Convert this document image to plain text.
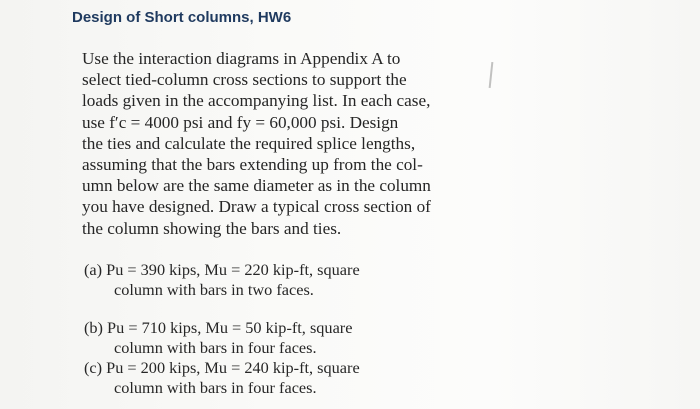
Design of Short columns, HW6
Use the interaction diagrams in Appendix A to
select tied-column cross sections to support the
loads given in the accompanying list. In each case,
use f′c = 4000 psi and fy = 60,000 psi. Design
the ties and calculate the required splice lengths,
assuming that the bars extending up from the col-
umn below are the same diameter as in the column
you have designed. Draw a typical cross section of
the column showing the bars and ties.
(a) Pu = 390 kips, Mu = 220 kip-ft, square
column with bars in two faces.
(b) Pu = 710 kips, Mu = 50 kip-ft, square
column with bars in four faces.
(c) Pu = 200 kips, Mu = 240 kip-ft, square
column with bars in four faces.
